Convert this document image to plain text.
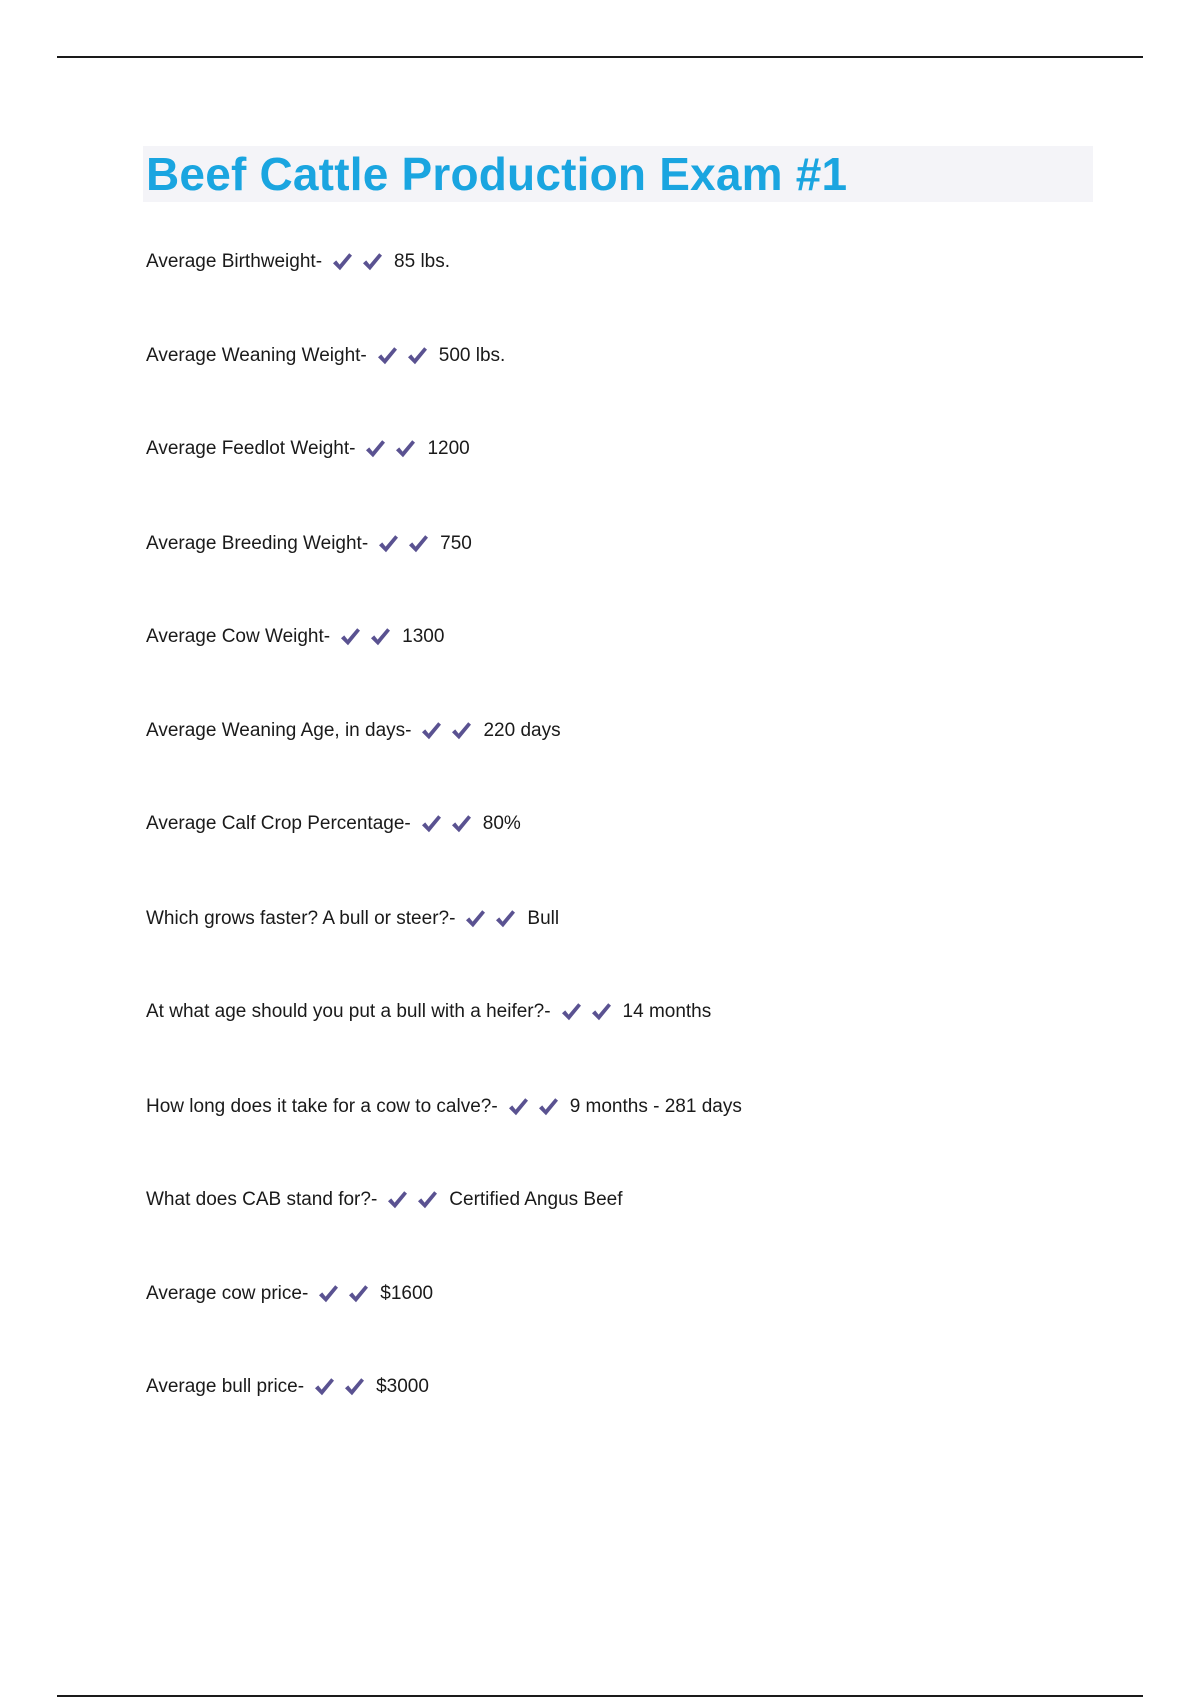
Beef Cattle Production Exam #1
Average Birthweight -	85 lbs.
Average Weaning Weight -	500 lbs.
Average Feedlot Weight -	1200
Average Breeding Weight -	750
Average Cow Weight -	1300
Average Weaning Age, in days -	220 days
Average Calf Crop Percentage -	80%
Which grows faster? A bull or steer? -	Bull
At what age should you put a bull with a heifer? -	14 months
How long does it take for a cow to calve? -	9 months - 281 days
What does CAB stand for? -	Certified Angus Beef
Average cow price -	$1600
Average bull price -	$3000
